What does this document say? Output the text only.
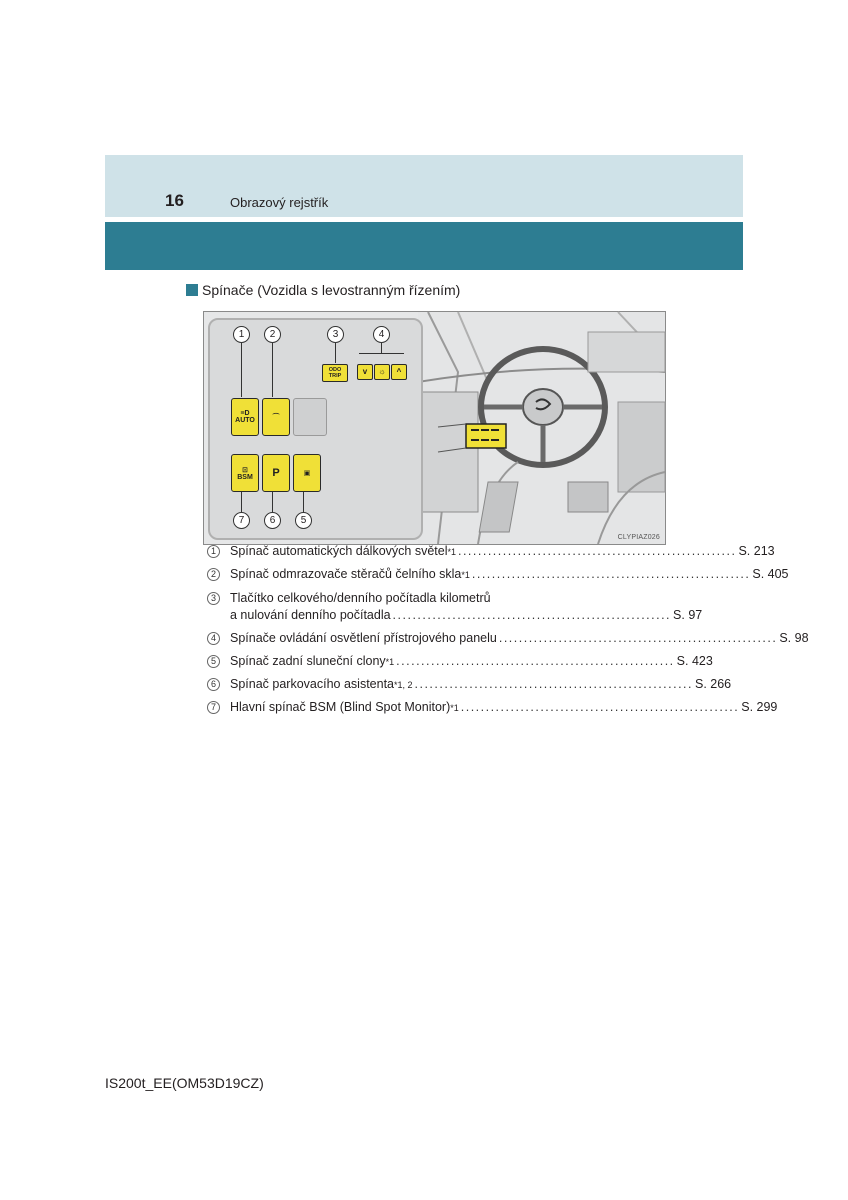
16	Obrazový rejstřík
Spínače (Vozidla s levostranným řízením)
1	2	3	4
ODO TRIP	v	☼	^
≡D
AUTO	⌒
⊡
BSM P	▣
7	6	5
CLYPIAZ026
1	Spínač automatických dálkových světel *1 ........................................................ S. 213
2	Spínač odmrazovače stěračů čelního skla *1 ........................................................ S. 405
3	Tlačítko celkového/denního počítadla kilometrů
a nulování denního počítadla ........................................................ S. 97
4	Spínače ovládání osvětlení přístrojového panelu ........................................................ S. 98
5	Spínač zadní sluneční clony *1 ........................................................ S. 423
6	Spínač parkovacího asistenta *1, 2 ........................................................ S. 266
7	Hlavní spínač BSM (Blind Spot Monitor) *1 ........................................................ S. 299
IS200t_EE(OM53D19CZ)
